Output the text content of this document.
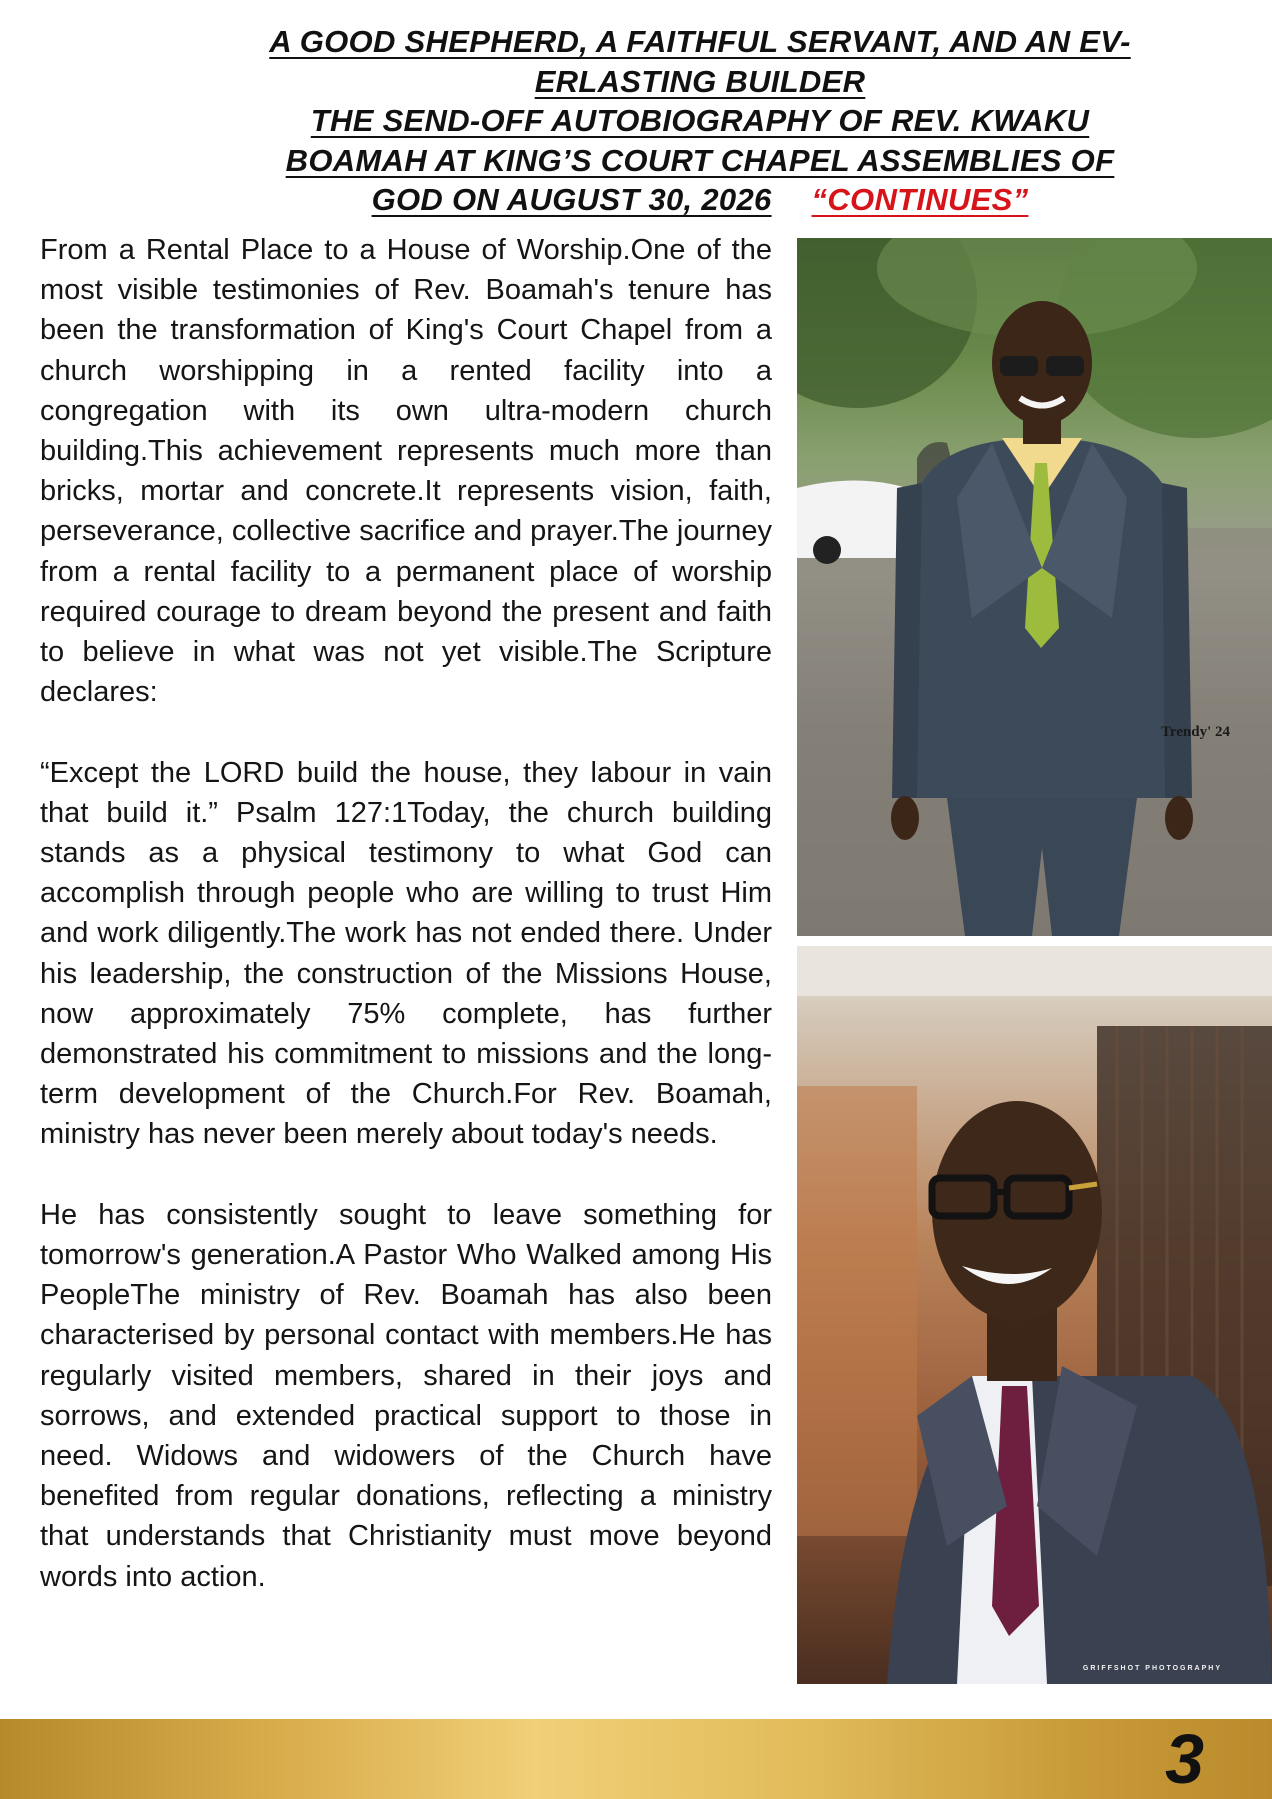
A GOOD SHEPHERD, A FAITHFUL SERVANT, AND AN EV-
ERLASTING BUILDER
THE SEND-OFF AUTOBIOGRAPHY OF REV. KWAKU
BOAMAH AT KING’S COURT CHAPEL ASSEMBLIES OF
GOD ON AUGUST 30, 2026 “CONTINUES”

From a Rental Place to a House of Worship.One of the most visible testimonies of Rev. Boamah's tenure has been the transformation of King's Court Chapel from a church worshipping in a rented facility into a congregation with its own ultra-modern church building.This achievement represents much more than bricks, mortar and concrete.It represents vision, faith, perseverance, collective sacrifice and prayer.The journey from a rental facility to a permanent place of worship required courage to dream beyond the present and faith to believe in what was not yet visible.The Scripture declares:

“Except the LORD build the house, they labour in vain that build it.” Psalm 127:1Today, the church building stands as a physical testimony to what God can accomplish through people who are willing to trust Him and work diligently.The work has not ended there. Under his leadership, the construction of the Missions House, now approximately 75% complete, has further demonstrated his commitment to missions and the long-term development of the Church.For Rev. Boamah, ministry has never been merely about today's needs.

He has consistently sought to leave something for tomorrow's generation.A Pastor Who Walked among His PeopleThe ministry of Rev. Boamah has also been characterised by personal contact with members.He has regularly visited members, shared in their joys and sorrows, and extended practical support to those in need. Widows and widowers of the Church have benefited from regular donations, reflecting a ministry that understands that Christianity must move beyond words into action.

Trendy' 24
GRIFFSHOT PHOTOGRAPHY
3
